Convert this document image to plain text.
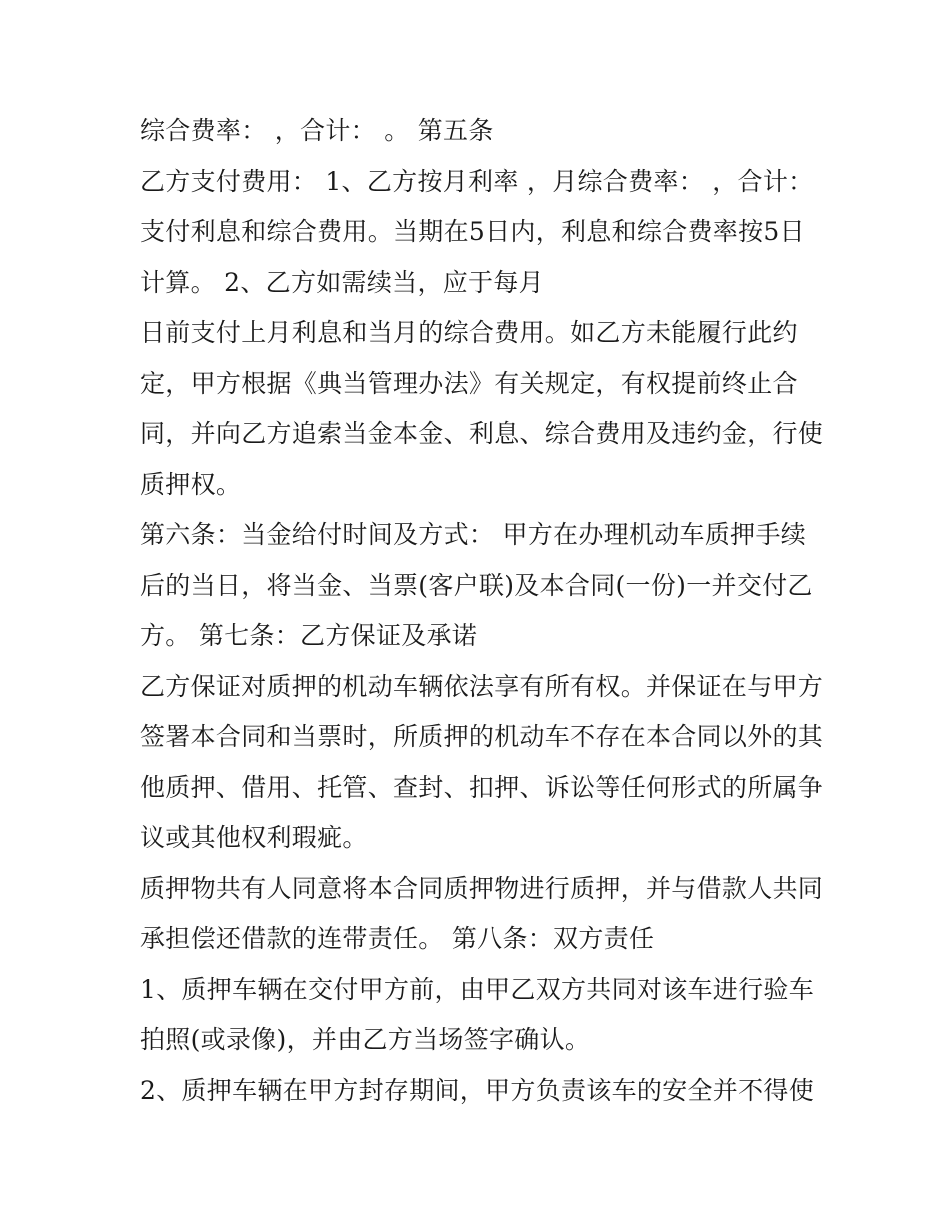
综合费率： ，合计： 。 第五条
乙方支付费用： 1、乙方按月利率 ，月综合费率： ，合计：
支付利息和综合费用。当期在5日内，利息和综合费率按5日
计算。 2、乙方如需续当，应于每月
日前支付上月利息和当月的综合费用。如乙方未能履行此约
定，甲方根据《典当管理办法》有关规定，有权提前终止合
同，并向乙方追索当金本金、利息、综合费用及违约金，行使
质押权。
第六条：当金给付时间及方式： 甲方在办理机动车质押手续
后的当日，将当金、当票(客户联)及本合同(一份)一并交付乙
方。 第七条：乙方保证及承诺
乙方保证对质押的机动车辆依法享有所有权。并保证在与甲方
签署本合同和当票时，所质押的机动车不存在本合同以外的其
他质押、借用、托管、查封、扣押、诉讼等任何形式的所属争
议或其他权利瑕疵。
质押物共有人同意将本合同质押物进行质押，并与借款人共同
承担偿还借款的连带责任。 第八条：双方责任
1、质押车辆在交付甲方前，由甲乙双方共同对该车进行验车
拍照(或录像)，并由乙方当场签字确认。
2、质押车辆在甲方封存期间，甲方负责该车的安全并不得使
